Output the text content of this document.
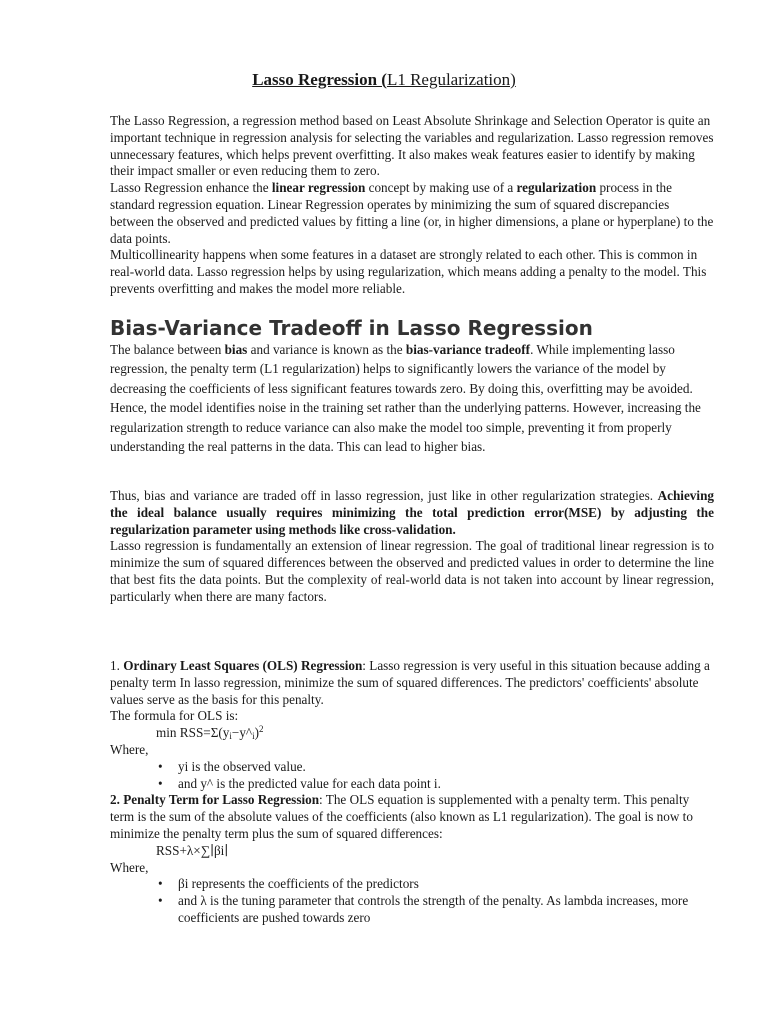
Lasso Regression (L1 Regularization)

The Lasso Regression, a regression method based on Least Absolute Shrinkage and Selection Operator is quite an important technique in regression analysis for selecting the variables and regularization. Lasso regression removes unnecessary features, which helps prevent overfitting. It also makes weak features easier to identify by making their impact smaller or even reducing them to zero.

Lasso Regression enhance the linear regression concept by making use of a regularization process in the standard regression equation. Linear Regression operates by minimizing the sum of squared discrepancies between the observed and predicted values by fitting a line (or, in higher dimensions, a plane or hyperplane) to the data points.

Multicollinearity happens when some features in a dataset are strongly related to each other. This is common in real-world data. Lasso regression helps by using regularization, which means adding a penalty to the model. This prevents overfitting and makes the model more reliable.

Bias-Variance Tradeoff in Lasso Regression

The balance between bias and variance is known as the bias-variance tradeoff. While implementing lasso regression, the penalty term (L1 regularization) helps to significantly lowers the variance of the model by decreasing the coefficients of less significant features towards zero. By doing this, overfitting may be avoided. Hence, the model identifies noise in the training set rather than the underlying patterns. However, increasing the regularization strength to reduce variance can also make the model too simple, preventing it from properly understanding the real patterns in the data. This can lead to higher bias.

Thus, bias and variance are traded off in lasso regression, just like in other regularization strategies. Achieving the ideal balance usually requires minimizing the total prediction error(MSE) by adjusting the regularization parameter using methods like cross-validation.

Lasso regression is fundamentally an extension of linear regression. The goal of traditional linear regression is to minimize the sum of squared differences between the observed and predicted values in order to determine the line that best fits the data points. But the complexity of real-world data is not taken into account by linear regression, particularly when there are many factors.

1. Ordinary Least Squares (OLS) Regression: Lasso regression is very useful in this situation because adding a penalty term In lasso regression, minimize the sum of squared differences. The predictors' coefficients' absolute values serve as the basis for this penalty.

The formula for OLS is:

$\min RSS=\Sigma(y_i-y\^{}_i)^2$

Where,

• yi is the observed value.
• and y^ is the predicted value for each data point i.

2. Penalty Term for Lasso Regression: The OLS equation is supplemented with a penalty term. This penalty term is the sum of the absolute values of the coefficients (also known as L1 regularization). The goal is now to minimize the penalty term plus the sum of squared differences:

RSS+λ×∑∣βi∣

Where,

• βi represents the coefficients of the predictors
• and λ is the tuning parameter that controls the strength of the penalty. As lambda increases, more coefficients are pushed towards zero
